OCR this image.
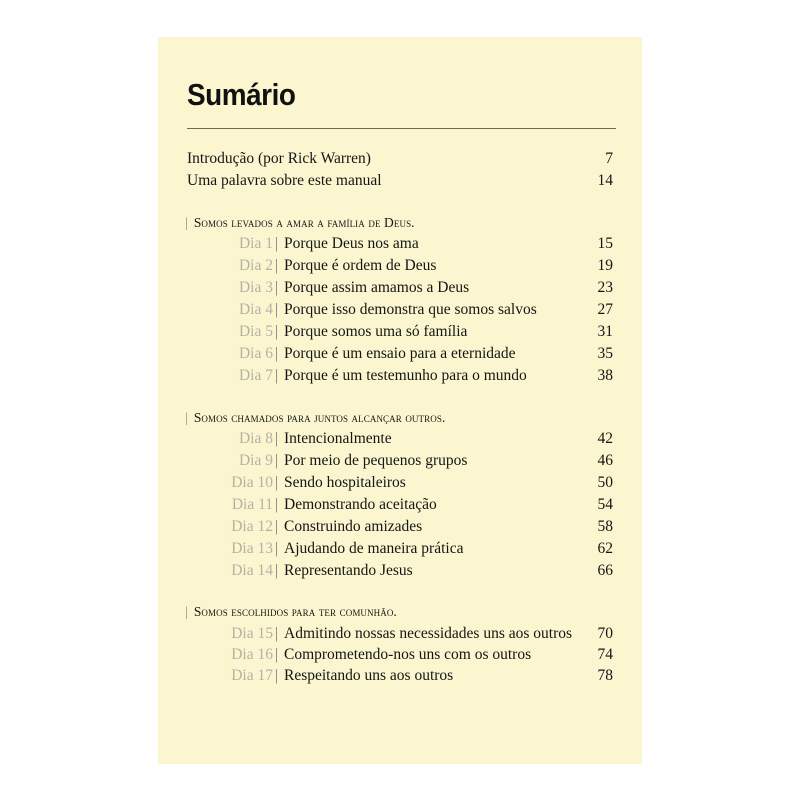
Sumário
Introdução (por Rick Warren)	7
Uma palavra sobre este manual	14
| Somos levados a amar a família de Deus.
Dia 1 | Porque Deus nos ama	15
Dia 2 | Porque é ordem de Deus	19
Dia 3 | Porque assim amamos a Deus	23
Dia 4 | Porque isso demonstra que somos salvos	27
Dia 5 | Porque somos uma só família	31
Dia 6 | Porque é um ensaio para a eternidade	35
Dia 7 | Porque é um testemunho para o mundo	38
| Somos chamados para juntos alcançar outros.
Dia 8 | Intencionalmente	42
Dia 9 | Por meio de pequenos grupos	46
Dia 10 | Sendo hospitaleiros	50
Dia 11 | Demonstrando aceitação	54
Dia 12 | Construindo amizades	58
Dia 13 | Ajudando de maneira prática	62
Dia 14 | Representando Jesus	66
| Somos escolhidos para ter comunhão.
Dia 15 | Admitindo nossas necessidades uns aos outros 70
Dia 16 | Comprometendo-nos uns com os outros	74
Dia 17 | Respeitando uns aos outros	78
